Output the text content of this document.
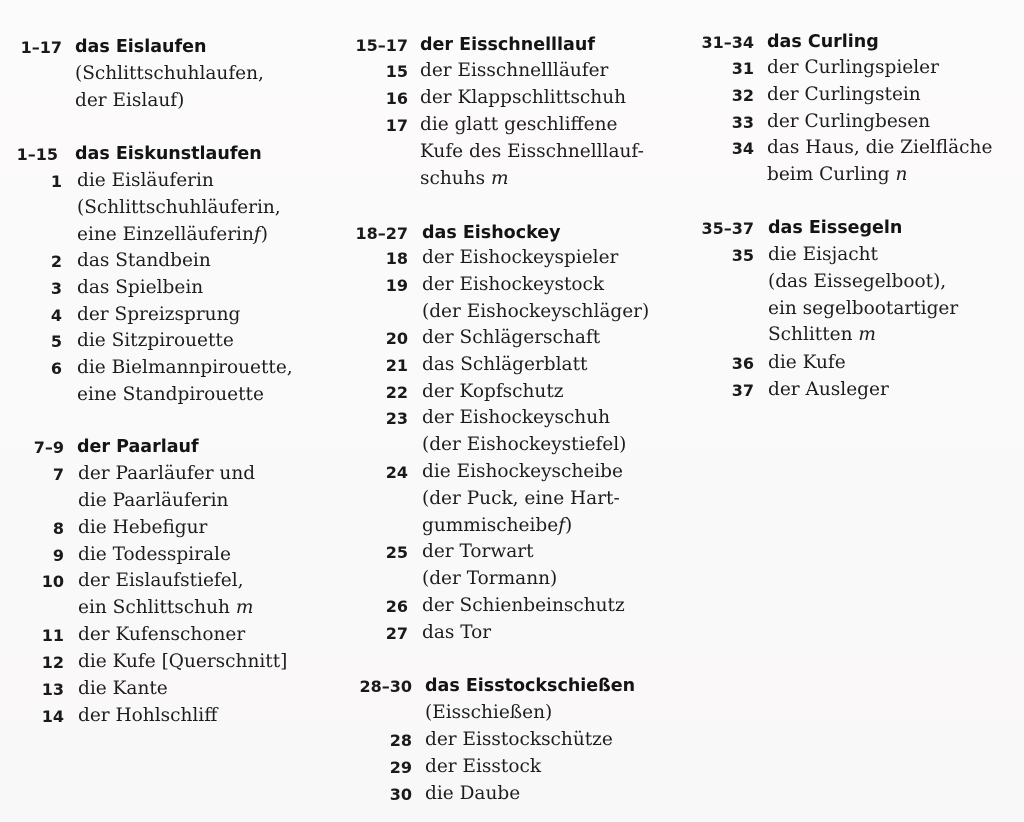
1–17 das Eislaufen
(Schlittschuhlaufen,
der Eislauf)
1–15 das Eiskunstlaufen
1 die Eisläuferin
(Schlittschuhläuferin,
eine Einzelläuferinf)
2 das Standbein
3 das Spielbein
4 der Spreizsprung
5 die Sitzpirouette
6 die Bielmannpirouette,
eine Standpirouette
7–9 der Paarlauf
7 der Paarläufer und
die Paarläuferin
8 die Hebefigur
9 die Todesspirale
10 der Eislaufstiefel,
ein Schlittschuh m
11 der Kufenschoner
12 die Kufe [Querschnitt]
13 die Kante
14 der Hohlschliff
15–17 der Eisschnelllauf
15 der Eisschnellläufer
16 der Klappschlittschuh
17 die glatt geschliffene
Kufe des Eisschnelllauf-
schuhs m
18–27 das Eishockey
18 der Eishockeyspieler
19 der Eishockeystock
(der Eishockeyschläger)
20 der Schlägerschaft
21 das Schlägerblatt
22 der Kopfschutz
23 der Eishockeyschuh
(der Eishockeystiefel)
24 die Eishockeyscheibe
(der Puck, eine Hart-
gummischeibef)
25 der Torwart
(der Tormann)
26 der Schienbeinschutz
27 das Tor
28–30 das Eisstockschießen
(Eisschießen)
28 der Eisstockschütze
29 der Eisstock
30 die Daube
31–34 das Curling
31 der Curlingspieler
32 der Curlingstein
33 der Curlingbesen
34 das Haus, die Zielfläche
beim Curling n
35–37 das Eissegeln
35 die Eisjacht
(das Eissegelboot),
ein segelbootartiger
Schlitten m
36 die Kufe
37 der Ausleger
